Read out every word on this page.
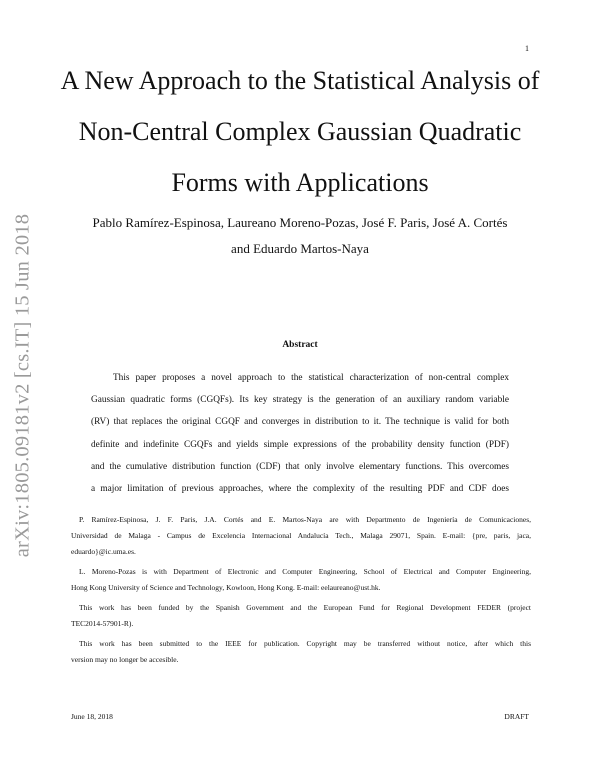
1
arXiv:1805.09181v2 [cs.IT] 15 Jun 2018
A New Approach to the Statistical Analysis of
Non-Central Complex Gaussian Quadratic
Forms with Applications
Pablo Ramírez-Espinosa, Laureano Moreno-Pozas, José F. Paris, José A. Cortés
and Eduardo Martos-Naya
Abstract
This paper proposes a novel approach to the statistical characterization of non-central complex
Gaussian quadratic forms (CGQFs). Its key strategy is the generation of an auxiliary random variable
(RV) that replaces the original CGQF and converges in distribution to it. The technique is valid for both
definite and indefinite CGQFs and yields simple expressions of the probability density function (PDF)
and the cumulative distribution function (CDF) that only involve elementary functions. This overcomes
a major limitation of previous approaches, where the complexity of the resulting PDF and CDF does

P. Ramírez-Espinosa, J. F. Paris, J.A. Cortés and E. Martos-Naya are with Departmento de Ingeniería de Comunicaciones,
Universidad de Malaga - Campus de Excelencia Internacional Andalucía Tech., Malaga 29071, Spain. E-mail: {pre, paris, jaca,
eduardo}@ic.uma.es.

L. Moreno-Pozas is with Department of Electronic and Computer Engineering, School of Electrical and Computer Engineering,
Hong Kong University of Science and Technology, Kowloon, Hong Kong. E-mail: eelaureano@ust.hk.

This work has been funded by the Spanish Government and the European Fund for Regional Development FEDER (project
TEC2014-57901-R).

This work has been submitted to the IEEE for publication. Copyright may be transferred without notice, after which this
version may no longer be accesible.

June 18, 2018	DRAFT
